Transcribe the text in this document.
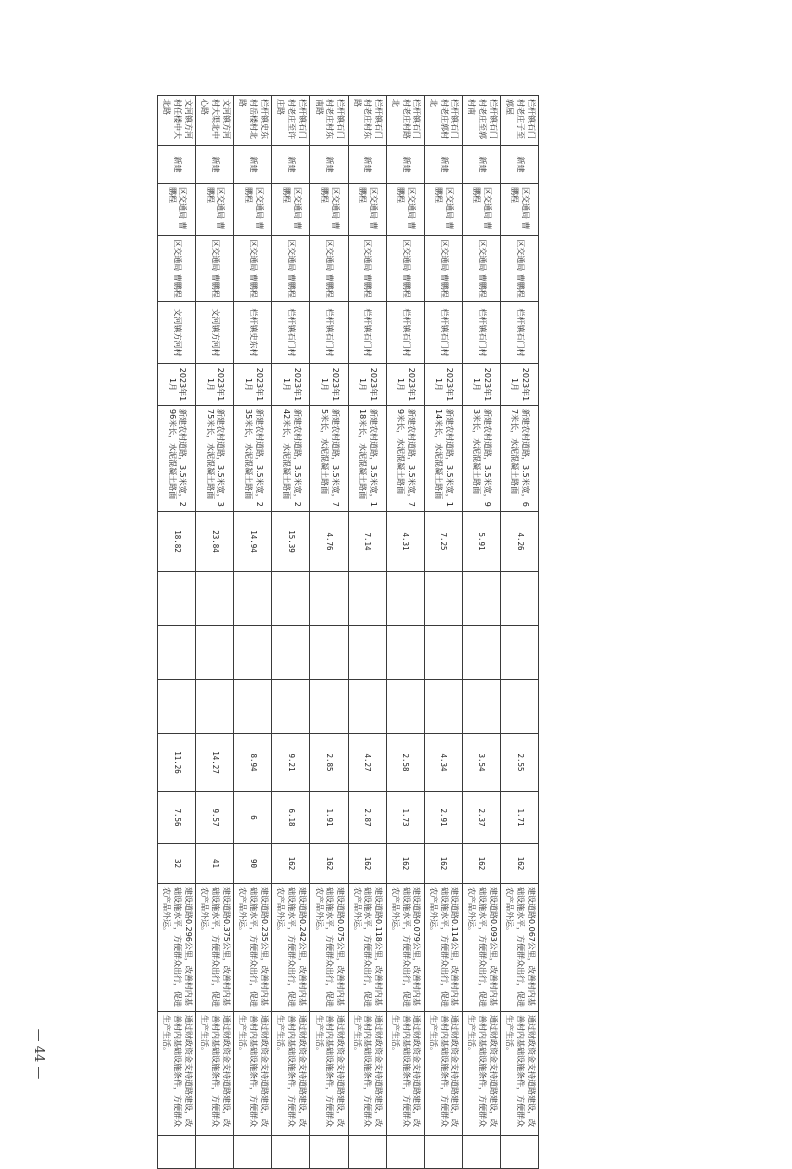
栏杆镇石门村老庄子至郭屋	新建	区交通局 曹鹏程	区交通局 曹鹏程	栏杆镇石门村	2023年11月	新建农村道路，3.5米宽，67米长，水泥混凝土路面	4.26				2.55	1.71	162	建设道路0.067公里，改善村内基础设施水平，方便群众出行，促进农产品外运。	通过财政资金支持道路建设，改善村内基础设施条件，方便群众生产生活。	
栏杆镇石门村老庄至郭村南	新建	区交通局 曹鹏程	区交通局 曹鹏程	栏杆镇石门村	2023年11月	新建农村道路，3.5米宽，93米长，水泥混凝土路面	5.91				3.54	2.37	162	建设道路0.093公里，改善村内基础设施水平，方便群众出行，促进农产品外运。	通过财政资金支持道路建设，改善村内基础设施条件，方便群众生产生活。	
栏杆镇石门村老庄郭村北	新建	区交通局 曹鹏程	区交通局 曹鹏程	栏杆镇石门村	2023年11月	新建农村道路，3.5米宽，114米长，水泥混凝土路面	7.25				4.34	2.91	162	建设道路0.114公里，改善村内基础设施水平，方便群众出行，促进农产品外运。	通过财政资金支持道路建设，改善村内基础设施条件，方便群众生产生活。	
栏杆镇石门村老庄村路北	新建	区交通局 曹鹏程	区交通局 曹鹏程	栏杆镇石门村	2023年11月	新建农村道路，3.5米宽，79米长，水泥混凝土路面	4.31				2.58	1.73	162	建设道路0.079公里，改善村内基础设施水平，方便群众出行，促进农产品外运。	通过财政资金支持道路建设，改善村内基础设施条件，方便群众生产生活。	
栏杆镇石门村老庄村东路	新建	区交通局 曹鹏程	区交通局 曹鹏程	栏杆镇石门村	2023年11月	新建农村道路，3.5米宽，118米长，水泥混凝土路面	7.14				4.27	2.87	162	建设道路0.118公里，改善村内基础设施水平，方便群众出行，促进农产品外运。	通过财政资金支持道路建设，改善村内基础设施条件，方便群众生产生活。	
栏杆镇石门村老庄村东南路	新建	区交通局 曹鹏程	区交通局 曹鹏程	栏杆镇石门村	2023年11月	新建农村道路，3.5米宽，75米长，水泥混凝土路面	4.76				2.85	1.91	162	建设道路0.075公里，改善村内基础设施水平，方便群众出行，促进农产品外运。	通过财政资金支持道路建设，改善村内基础设施条件，方便群众生产生活。	
栏杆镇石门村老庄至许庄路	新建	区交通局 曹鹏程	区交通局 曹鹏程	栏杆镇石门村	2023年11月	新建农村道路，3.5米宽，242米长，水泥混凝土路面	15.39				9.21	6.18	162	建设道路0.242公里，改善村内基础设施水平，方便群众出行，促进农产品外运。	通过财政资金支持道路建设，改善村内基础设施条件，方便群众生产生活。	
栏杆镇史东村岳楼村北路	新建	区交通局 曹鹏程	区交通局 曹鹏程	栏杆镇史东村	2023年11月	新建农村道路，3.5米宽，235米长，水泥混凝土路面	14.94				8.94	6	90	建设道路0.235公里，改善村内基础设施水平，方便群众出行，促进农产品外运。	通过财政资金支持道路建设，改善村内基础设施条件，方便群众生产生活。	
文河镇方河村大渠北中心路	新建	区交通局 曹鹏程	区交通局 曹鹏程	文河镇方河村	2023年11月	新建农村道路，3.5米宽，375米长，水泥混凝土路面	23.84				14.27	9.57	41	建设道路0.375公里，改善村内基础设施水平，方便群众出行，促进农产品外运。	通过财政资金支持道路建设，改善村内基础设施条件，方便群众生产生活。	
文河镇方河村任楼中大北路	新建	区交通局 曹鹏程	区交通局 曹鹏程	文河镇方河村	2023年11月	新建农村道路，3.5米宽，296米长，水泥混凝土路面	18.82				11.26	7.56	32	建设道路0.296公里，改善村内基础设施水平，方便群众出行，促进农产品外运。	通过财政资金支持道路建设，改善村内基础设施条件，方便群众生产生活。	
— 44 —
